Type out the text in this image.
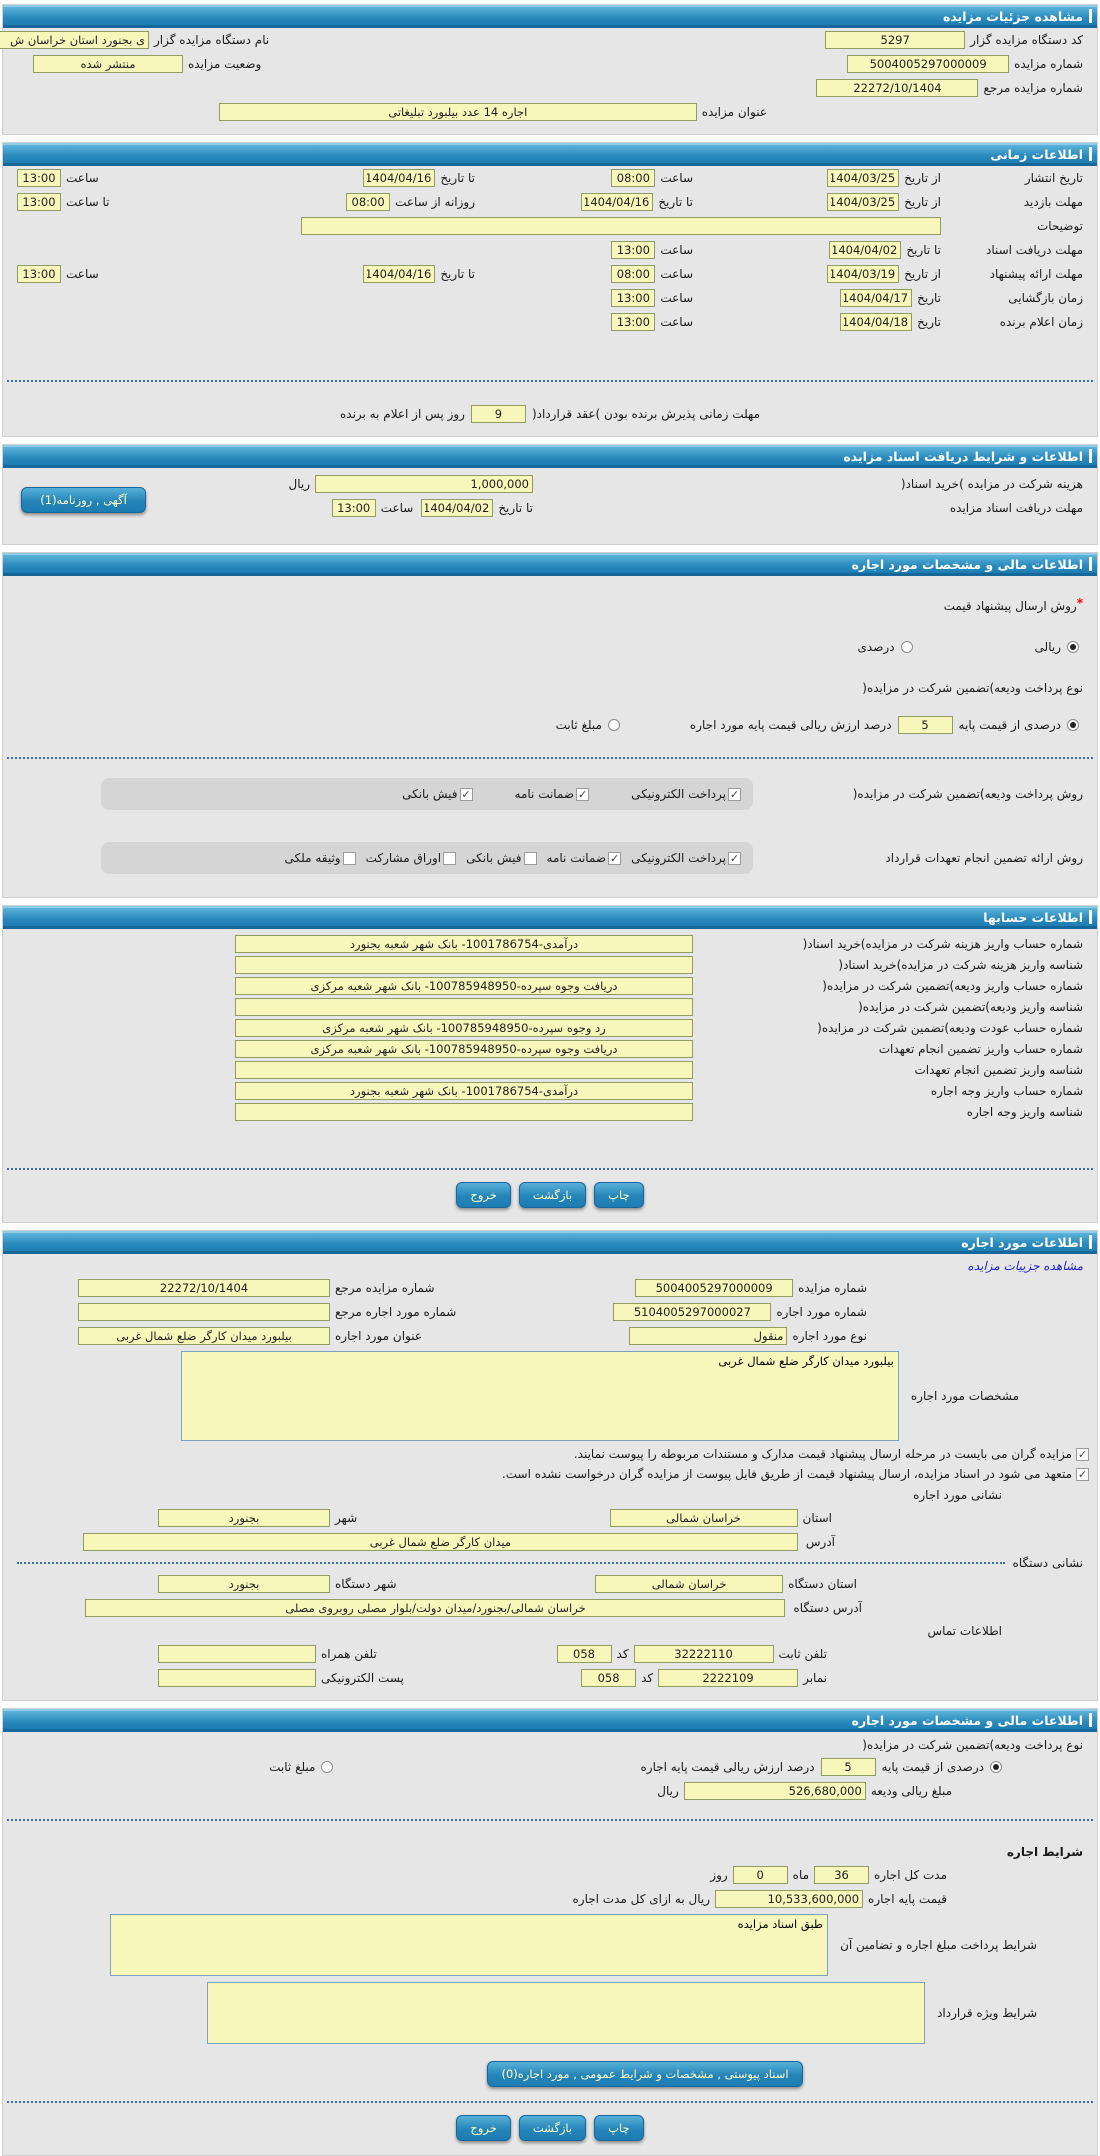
مشاهده جزئیات مزایده
کد دستگاه مزایده گزار
5297
نام دستگاه مزایده گزار
ی بجنورد استان خراسان ش
شماره مزایده
5004005297000009
وضعیت مزایده
منتشر شده
شماره مزایده مرجع
22272/10/1404
عنوان مزایده
اجاره 14 عدد بیلبورد تبلیغاتی
اطلاعات زمانی
تاریخ انتشار
از تاریخ
1404/03/25
ساعت
08:00
تا تاریخ
1404/04/16
ساعت
13:00
مهلت بازدید
از تاریخ
1404/03/25
تا تاریخ
1404/04/16
روزانه از ساعت
08:00
تا ساعت
13:00
توضیحات
مهلت دریافت اسناد
تا تاریخ
1404/04/02
ساعت
13:00
مهلت ارائه پیشنهاد
از تاریخ
1404/03/19
ساعت
08:00
تا تاریخ
1404/04/16
ساعت
13:00
زمان بازگشایی
تاریخ
1404/04/17
ساعت
13:00
زمان اعلام برنده
تاریخ
1404/04/18
ساعت
13:00
مهلت زمانی پذیرش برنده بودن )عقد قرارداد(
9
روز پس از اعلام به برنده
اطلاعات و شرایط دریافت اسناد مزایده
هزینه شرکت در مزایده )خرید اسناد(
1,000,000
ریال
مهلت دریافت اسناد مزایده
تا تاریخ
1404/04/02
ساعت
13:00
آگهی , روزنامه(1)
اطلاعات مالی و مشخصات مورد اجاره
*
روش ارسال پیشنهاد قیمت
ریالی
درصدی
نوع پرداخت ودیعه)تضمین شرکت در مزایده(
درصدی از قیمت پایه
5
درصد ارزش ریالی قیمت پایه مورد اجاره
مبلغ ثابت
روش پرداخت ودیعه)تضمین شرکت در مزایده(
✓
پرداخت الکترونیکی
✓
ضمانت نامه
✓
فیش بانکی
روش ارائه تضمین انجام تعهدات قرارداد
✓
پرداخت الکترونیکی
✓
ضمانت نامه
فیش بانکی
اوراق مشارکت
وثیقه ملکی
اطلاعات حسابها
شماره حساب واریز هزینه شرکت در مزایده)خرید اسناد(
درآمدی-1001786754- بانک شهر شعبه بجنورد
شناسه واریز هزینه شرکت در مزایده)خرید اسناد(
شماره حساب واریز ودیعه)تضمین شرکت در مزایده(
دریافت وجوه سپرده-100785948950- بانک شهر شعبه مرکزی
شناسه واریز ودیعه)تضمین شرکت در مزایده(
شماره حساب عودت ودیعه)تضمین شرکت در مزایده(
رد وجوه سپرده-100785948950- بانک شهر شعبه مرکزی
شماره حساب واریز تضمین انجام تعهدات
دریافت وجوه سپرده-100785948950- بانک شهر شعبه مرکزی
شناسه واریز تضمین انجام تعهدات
شماره حساب واریز وجه اجاره
درآمدی-1001786754- بانک شهر شعبه بجنورد
شناسه واریز وجه اجاره
چاپ
بازگشت
خروج
اطلاعات مورد اجاره
مشاهده جزییات مزایده
شماره مزایده
5004005297000009
شماره مزایده مرجع
22272/10/1404
شماره مورد اجاره
5104005297000027
شماره مورد اجاره مرجع
نوع مورد اجاره
منقول
عنوان مورد اجاره
بیلبورد میدان کارگر ضلع شمال غربی
مشخصات مورد اجاره
بیلبورد میدان کارگر ضلع شمال غربی
✓
مزایده گران می بایست در مرحله ارسال پیشنهاد قیمت مدارک و مستندات مربوطه را پیوست نمایند.
✓
متعهد می شود در اسناد مزایده، ارسال پیشنهاد قیمت از طریق فایل پیوست از مزایده گران درخواست نشده است.
نشانی مورد اجاره
استان
خراسان شمالی
شهر
بجنورد
آدرس
میدان کارگر ضلع شمال غربی
نشانی دستگاه
استان دستگاه
خراسان شمالی
شهر دستگاه
بجنورد
آدرس دستگاه
خراسان شمالی/بجنورد/میدان دولت/بلوار مصلی روبروی مصلی
اطلاعات تماس
تلفن ثابت
32222110
کد
058
تلفن همراه
نمابر
2222109
کد
058
پست الکترونیکی
اطلاعات مالی و مشخصات مورد اجاره
نوع پرداخت ودیعه)تضمین شرکت در مزایده(
درصدی از قیمت پایه
5
درصد ارزش ریالی قیمت پایه اجاره
مبلغ ثابت
مبلغ ریالی ودیعه
526,680,000
ریال
شرایط اجاره
مدت کل اجاره
36
ماه
0
روز
قیمت پایه اجاره
10,533,600,000
ریال به ازای کل مدت اجاره
شرایط پرداخت مبلغ اجاره و تضامین آن
طبق اسناد مزایده
شرایط ویژه قرارداد
اسناد پیوستی , مشخصات و شرایط عمومی , مورد اجاره(0)
چاپ
بازگشت
خروج
